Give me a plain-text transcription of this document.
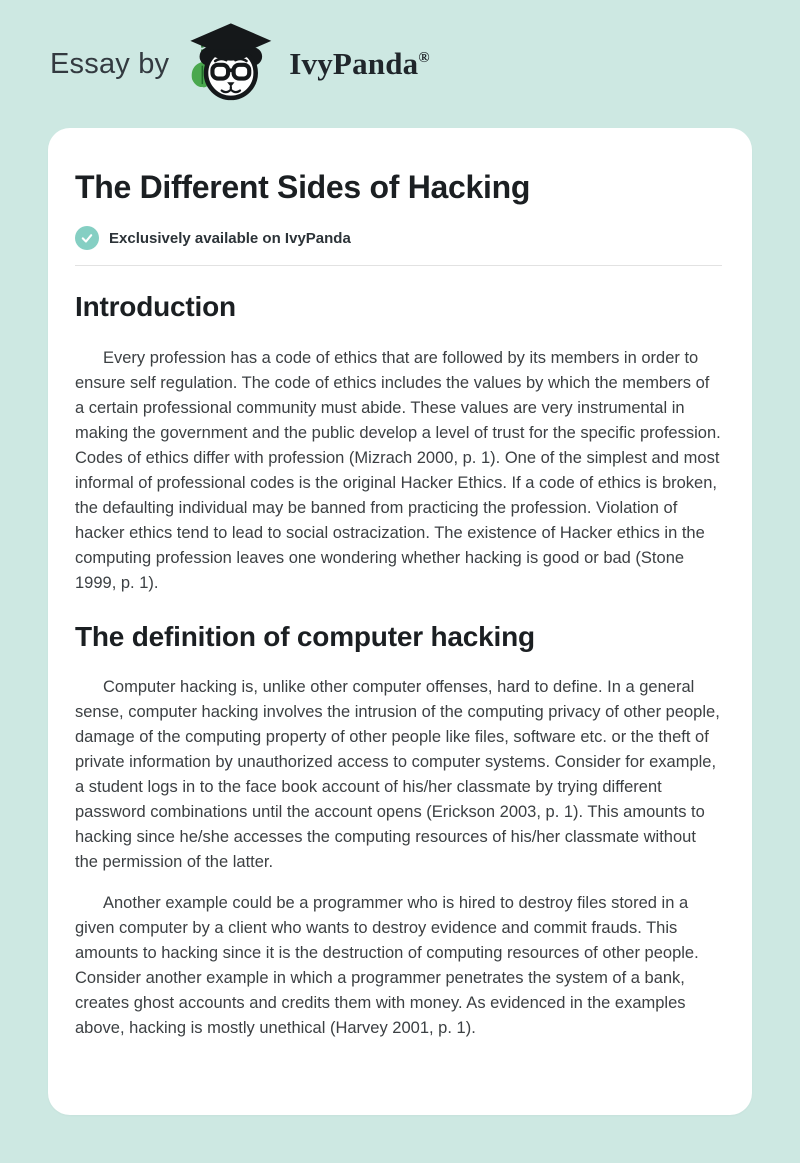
Essay by	IvyPanda®
The Different Sides of Hacking
Exclusively available on IvyPanda
Introduction

Every profession has a code of ethics that are followed by its members in order to ensure self regulation. The code of ethics includes the values by which the members of a certain professional community must abide. These values are very instrumental in making the government and the public develop a level of trust for the specific profession. Codes of ethics differ with profession (Mizrach 2000, p. 1). One of the simplest and most informal of professional codes is the original Hacker Ethics. If a code of ethics is broken, the defaulting individual may be banned from practicing the profession. Violation of hacker ethics tend to lead to social ostracization. The existence of Hacker ethics in the computing profession leaves one wondering whether hacking is good or bad (Stone 1999, p. 1).

The definition of computer hacking

Computer hacking is, unlike other computer offenses, hard to define. In a general sense, computer hacking involves the intrusion of the computing privacy of other people, damage of the computing property of other people like files, software etc. or the theft of private information by unauthorized access to computer systems. Consider for example, a student logs in to the face book account of his/her classmate by trying different password combinations until the account opens (Erickson 2003, p. 1). This amounts to hacking since he/she accesses the computing resources of his/her classmate without the permission of the latter.

Another example could be a programmer who is hired to destroy files stored in a given computer by a client who wants to destroy evidence and commit frauds. This amounts to hacking since it is the destruction of computing resources of other people. Consider another example in which a programmer penetrates the system of a bank, creates ghost accounts and credits them with money. As evidenced in the examples above, hacking is mostly unethical (Harvey 2001, p. 1).
